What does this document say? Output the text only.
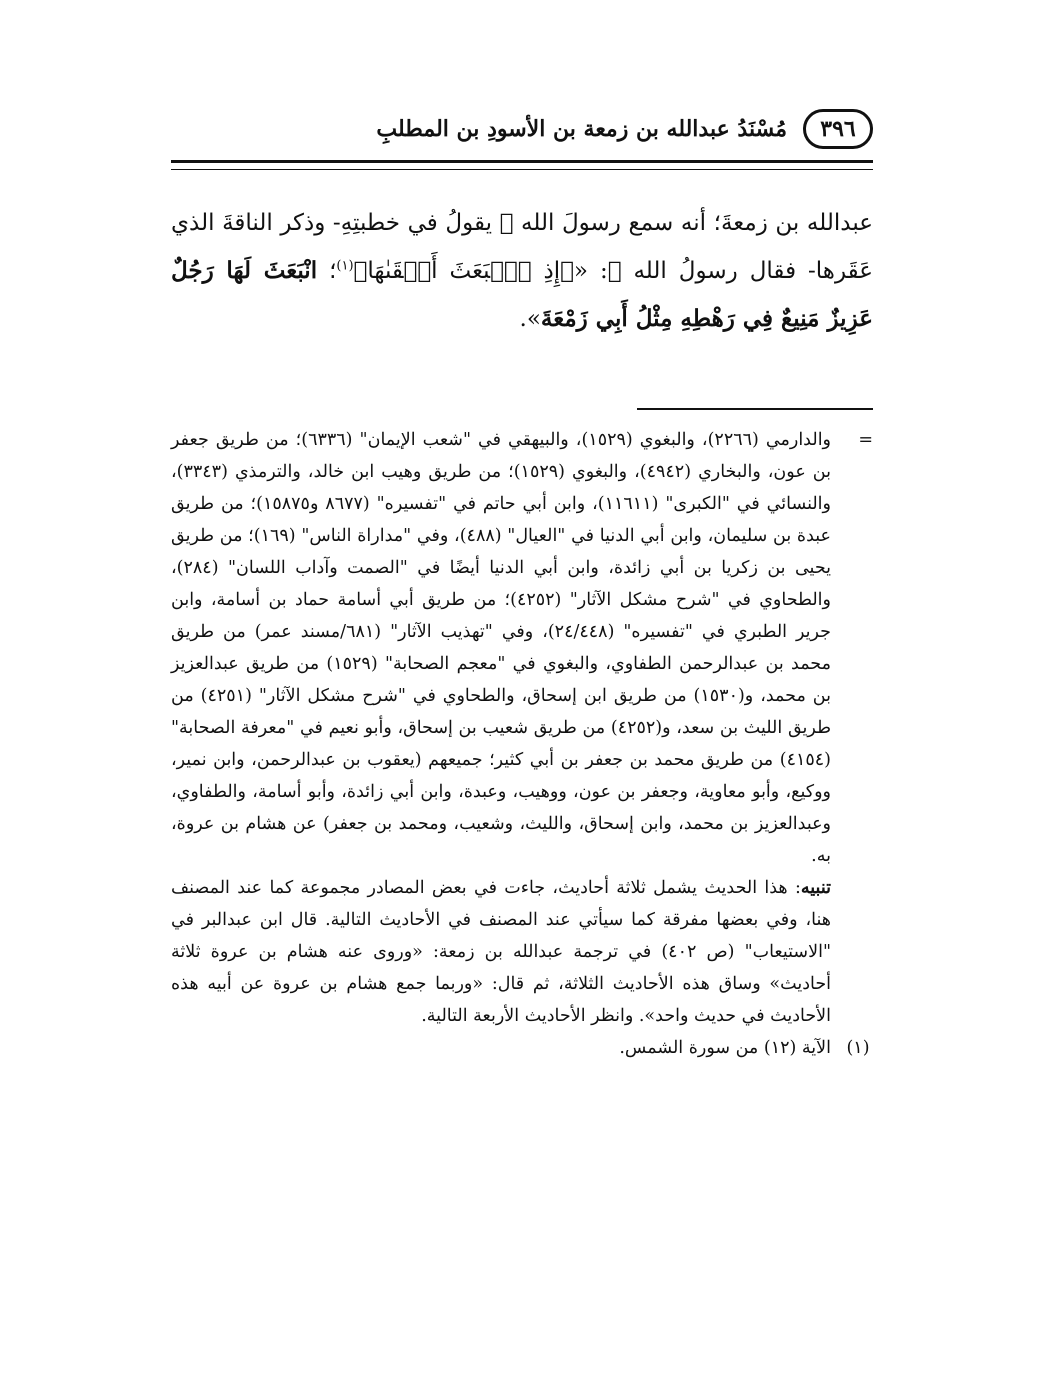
٣٩٦
مُسْنَدُ عبدالله بن زمعة بن الأسودِ بن المطلبِ

عبدالله بن زمعةَ؛ أنه سمع رسولَ الله ﷺ يقولُ في خطبتِهِ- وذكر الناقةَ الذي عَقَرها- فقال رسولُ الله ﷺ: «﴿إِذِ ٱنۢبَعَثَ أَشۡقَىٰهَا﴾$^{(١)}$؛ انْبَعَثَ لَهَا رَجُلٌ عَزِيزٌ مَنِيعٌ فِي رَهْطِهِ مِثْلُ أَبِي زَمْعَةَ».

=
والدارمي (٢٢٦٦)، والبغوي (١٥٢٩)، والبيهقي في "شعب الإيمان" (٦٣٣٦)؛ من طريق جعفر بن عون، والبخاري (٤٩٤٢)، والبغوي (١٥٢٩)؛ من طريق وهيب ابن خالد، والترمذي (٣٣٤٣)، والنسائي في "الكبرى" (١١٦١١)، وابن أبي حاتم في "تفسيره" (٨٦٧٧ و١٥٨٧٥)؛ من طريق عبدة بن سليمان، وابن أبي الدنيا في "العيال" (٤٨٨)، وفي "مداراة الناس" (١٦٩)؛ من طريق يحيى بن زكريا بن أبي زائدة، وابن أبي الدنيا أيضًا في "الصمت وآداب اللسان" (٢٨٤)، والطحاوي في "شرح مشكل الآثار" (٤٢٥٢)؛ من طريق أبي أسامة حماد بن أسامة، وابن جرير الطبري في "تفسيره" (٢٤/٤٤٨)، وفي "تهذيب الآثار" (٦٨١/مسند عمر) من طريق محمد بن عبدالرحمن الطفاوي، والبغوي في "معجم الصحابة" (١٥٢٩) من طريق عبدالعزيز بن محمد، و(١٥٣٠) من طريق ابن إسحاق، والطحاوي في "شرح مشكل الآثار" (٤٢٥١) من طريق الليث بن سعد، و(٤٢٥٢) من طريق شعيب بن إسحاق، وأبو نعيم في "معرفة الصحابة" (٤١٥٤) من طريق محمد بن جعفر بن أبي كثير؛ جميعهم (يعقوب بن عبدالرحمن، وابن نمير، ووكيع، وأبو معاوية، وجعفر بن عون، ووهيب، وعبدة، وابن أبي زائدة، وأبو أسامة، والطفاوي، وعبدالعزيز بن محمد، وابن إسحاق، والليث، وشعيب، ومحمد بن جعفر) عن هشام بن عروة، به.

تنبيه: هذا الحديث يشمل ثلاثة أحاديث، جاءت في بعض المصادر مجموعة كما عند المصنف هنا، وفي بعضها مفرقة كما سيأتي عند المصنف في الأحاديث التالية. قال ابن عبدالبر في "الاستيعاب" (ص ٤٠٢) في ترجمة عبدالله بن زمعة: «وروى عنه هشام بن عروة ثلاثة أحاديث» وساق هذه الأحاديث الثلاثة، ثم قال: «وربما جمع هشام بن عروة عن أبيه هذه الأحاديث في حديث واحد». وانظر الأحاديث الأربعة التالية.

(١)
الآية (١٢) من سورة الشمس.
